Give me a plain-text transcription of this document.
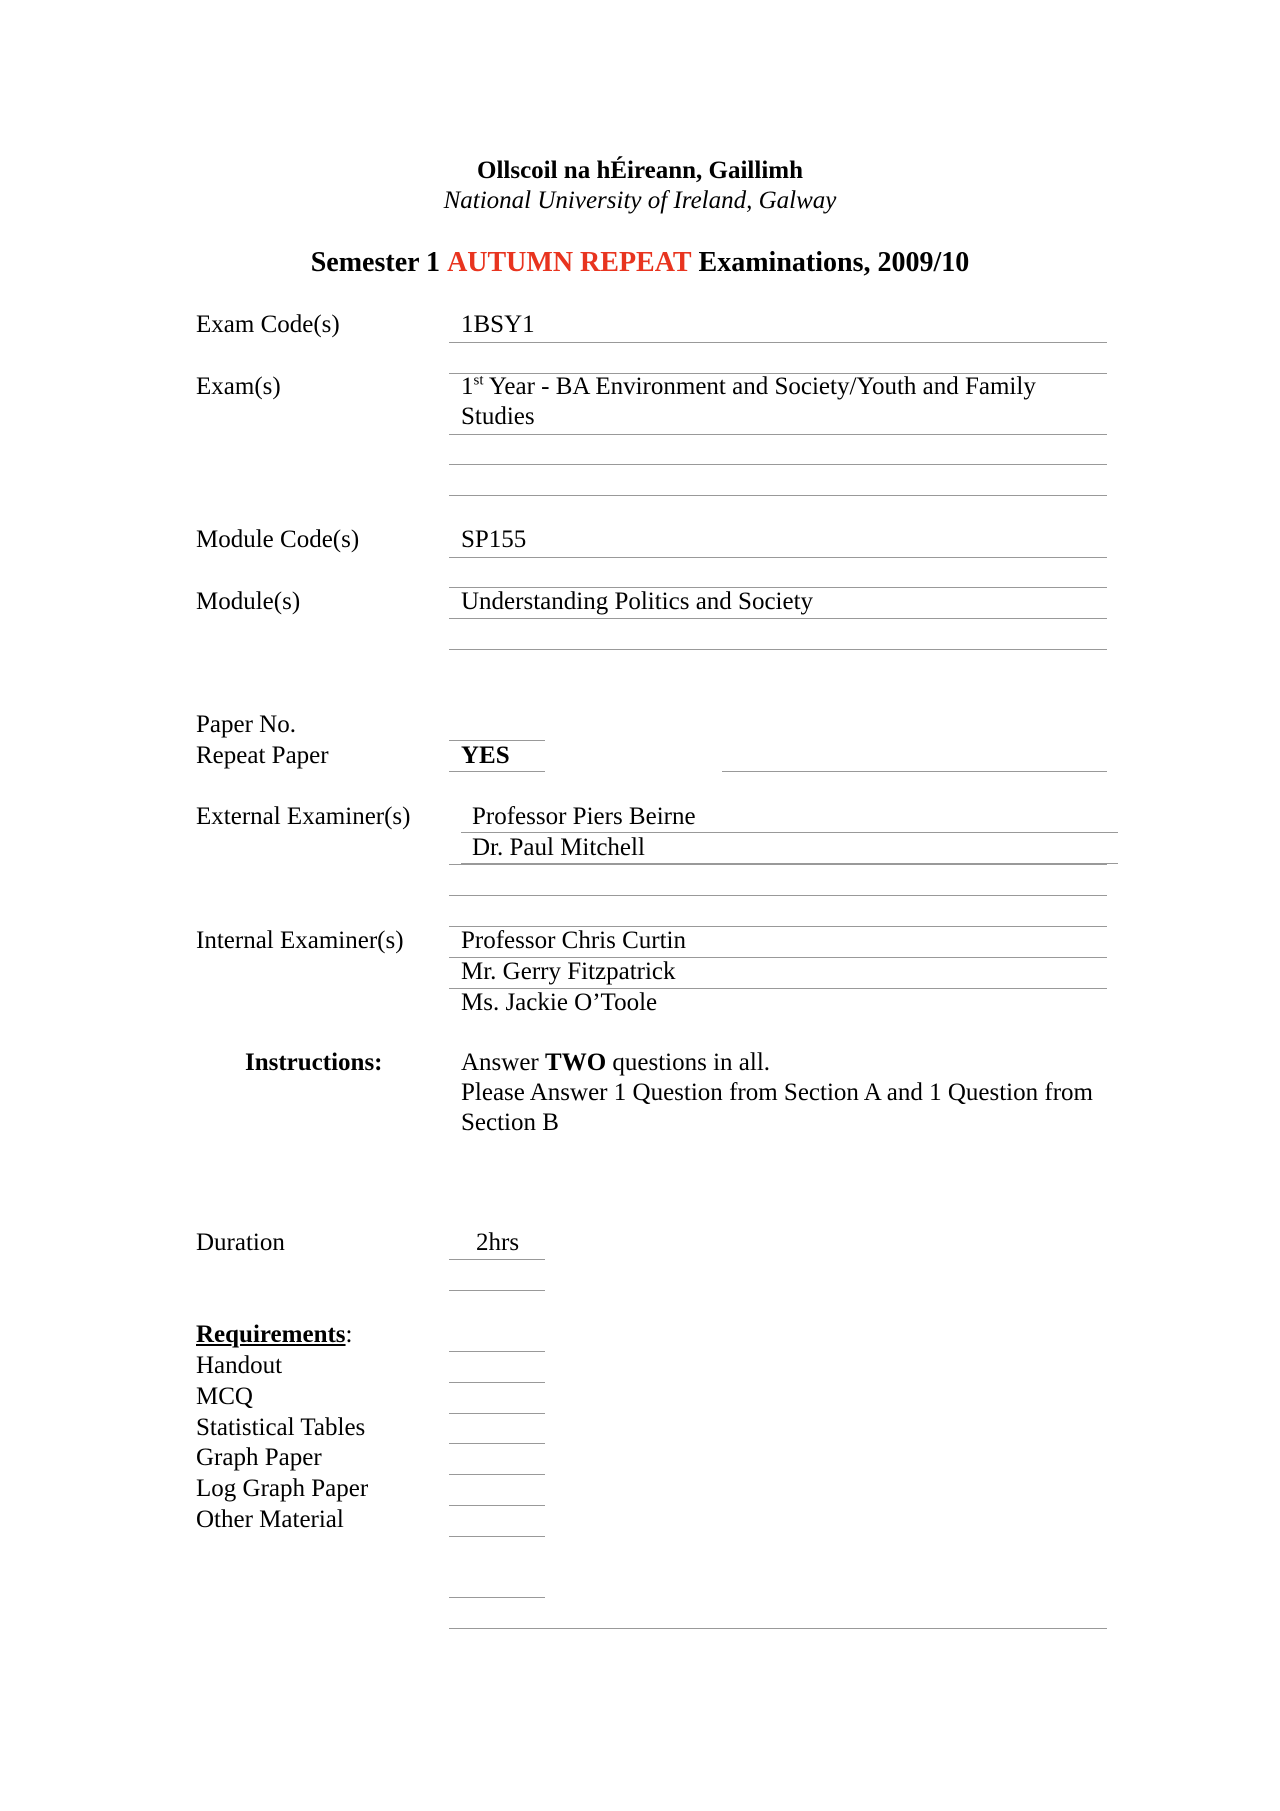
Ollscoil na hÉireann, Gaillimh
National University of Ireland, Galway
Semester 1 AUTUMN REPEAT Examinations, 2009/10
Exam Code(s)	1BSY1
Exam(s)	1st Year - BA Environment and Society/Youth and Family
Studies
Module Code(s)	SP155
Module(s)	Understanding Politics and Society
Paper No.
Repeat Paper	YES
External Examiner(s) Professor Piers Beirne
Dr. Paul Mitchell
Internal Examiner(s) Professor Chris Curtin
Mr. Gerry Fitzpatrick
Ms. Jackie O’Toole
Instructions:	Answer TWO questions in all.
Please Answer 1 Question from Section A and 1 Question from Section B
Duration	2hrs
Requirements:
Handout
MCQ
Statistical Tables
Graph Paper
Log Graph Paper
Other Material
